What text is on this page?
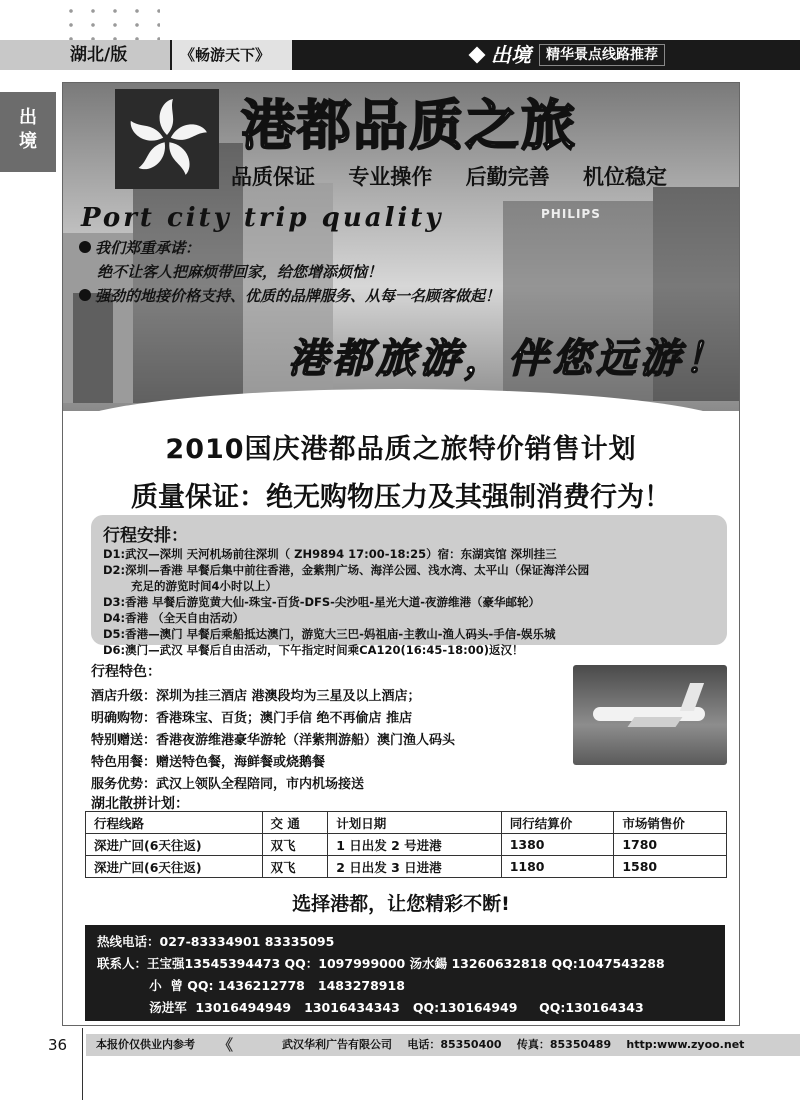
湖北/版	《畅游天下》	出境	精华景点线路推荐
出境
PHILIPS
港都品质之旅
品质保证 专业操作 后勤完善 机位稳定
Port city trip quality
我们郑重承诺：
绝不让客人把麻烦带回家，给您增添烦恼！
强劲的地接价格支持、优质的品牌服务、从每一名顾客做起！
港都旅游，伴您远游！
2010国庆港都品质之旅特价销售计划
质量保证：绝无购物压力及其强制消费行为！
行程安排：
D1:武汉—深圳 天河机场前往深圳（ ZH9894 17:00-18:25）宿：东湖宾馆 深圳挂三
D2:深圳—香港 早餐后集中前往香港，金紫荆广场、海洋公园、浅水湾、太平山（保证海洋公园
充足的游览时间4小时以上）
D3:香港 早餐后游览黄大仙-珠宝-百货-DFS-尖沙咀-星光大道-夜游维港（豪华邮轮）
D4:香港 （全天自由活动）
D5:香港—澳门 早餐后乘船抵达澳门，游览大三巴-妈祖庙-主教山-渔人码头-手信-娱乐城
D6:澳门—武汉 早餐后自由活动，下午指定时间乘CA120(16:45-18:00)返汉！
行程特色：
酒店升级：深圳为挂三酒店 港澳段均为三星及以上酒店；
明确购物：香港珠宝、百货；澳门手信 绝不再偷店 推店
特别赠送：香港夜游维港豪华游轮（洋紫荆游船）澳门渔人码头
特色用餐：赠送特色餐，海鲜餐或烧鹅餐
服务优势：武汉上领队全程陪同，市内机场接送
湖北散拼计划：
行程线路	交 通	计划日期	同行结算价	市场销售价
深进广回(6天往返)	双飞	1 日出发 2 号进港	1380	1780
深进广回(6天往返)	双飞	2 日出发 3 日进港	1180	1580
选择港都，让您精彩不断!
热线电话：027-83334901 83335095
联系人：王宝强13545394473 QQ：1097999000 汤水鍚 13260632818 QQ:1047543288
小  曾 QQ: 1436212778   1483278918
汤进军  13016494949   13016434343   QQ:130164949     QQ:130164343
36	本报价仅供业内参考 《	武汉华利广告有限公司    电话：85350400    传真：85350489    http:www.zyoo.net
